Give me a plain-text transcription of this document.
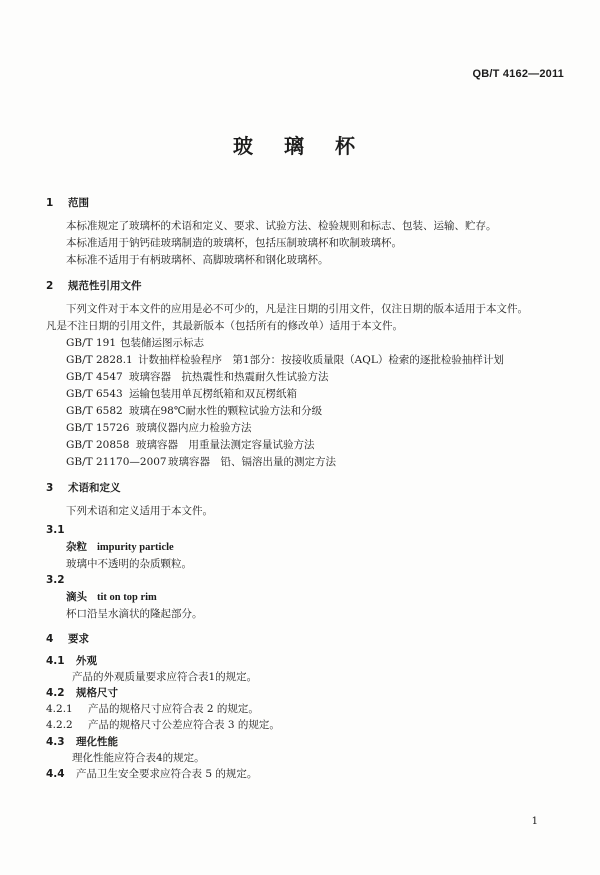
QB/T 4162—2011
玻 璃 杯
1 范围
本标准规定了玻璃杯的术语和定义、要求、试验方法、检验规则和标志、包装、运输、贮存。
本标准适用于钠钙硅玻璃制造的玻璃杯，包括压制玻璃杯和吹制玻璃杯。
本标准不适用于有柄玻璃杯、高脚玻璃杯和钢化玻璃杯。
2 规范性引用文件
下列文件对于本文件的应用是必不可少的，凡是注日期的引用文件，仅注日期的版本适用于本文件。
凡是不注日期的引用文件，其最新版本（包括所有的修改单）适用于本文件。
GB/T 191 包装储运图示标志
GB/T 2828.1 计数抽样检验程序　第1部分：按接收质量限（AQL）检索的逐批检验抽样计划
GB/T 4547 玻璃容器　抗热震性和热震耐久性试验方法
GB/T 6543 运输包装用单瓦楞纸箱和双瓦楞纸箱
GB/T 6582 玻璃在98℃耐水性的颗粒试验方法和分级
GB/T 15726 玻璃仪器内应力检验方法
GB/T 20858 玻璃容器　用重量法测定容量试验方法
GB/T 21170—2007玻璃容器　铅、镉溶出量的测定方法
3 术语和定义
下列术语和定义适用于本文件。
3.1
杂粒 impurity particle
玻璃中不透明的杂质颗粒。
3.2
滴头 tit on top rim
杯口沿呈水滴状的隆起部分。
4 要求
4.1 外观
产品的外观质量要求应符合表1的规定。
4.2 规格尺寸
4.2.1 产品的规格尺寸应符合表 2 的规定。
4.2.2 产品的规格尺寸公差应符合表 3 的规定。
4.3 理化性能
理化性能应符合表4的规定。
4.4 产品卫生安全要求应符合表 5 的规定。
1
